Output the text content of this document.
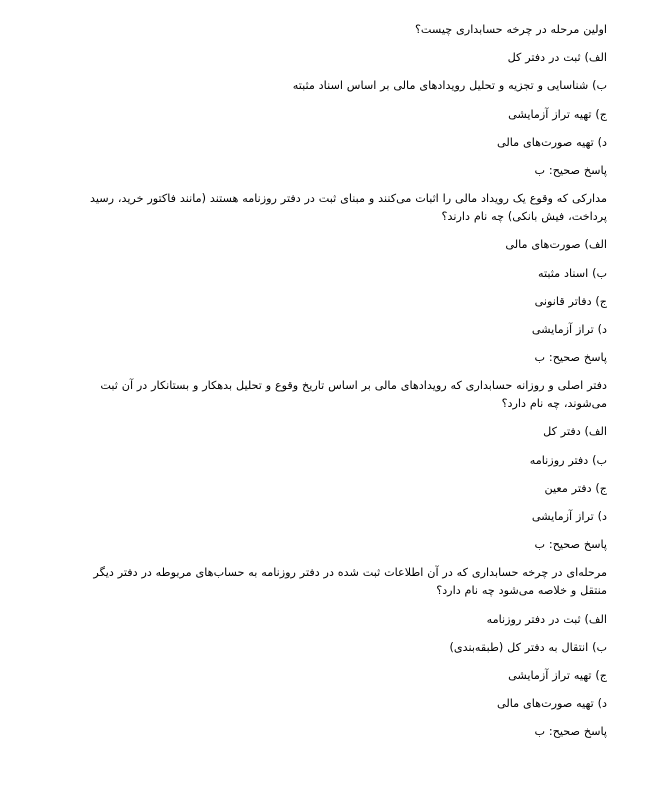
اولین مرحله در چرخه حسابداری چیست؟
الف) ثبت در دفتر کل
ب) شناسایی و تجزیه و تحلیل رویدادهای مالی بر اساس اسناد مثبته
ج) تهیه تراز آزمایشی
د) تهیه صورت‌های مالی
پاسخ صحیح: ب
مدارکی که وقوع یک رویداد مالی را اثبات می‌کنند و مبنای ثبت در دفتر روزنامه هستند (مانند فاکتور خرید، رسید پرداخت، فیش بانکی) چه نام دارند؟
الف) صورت‌های مالی
ب) اسناد مثبته
ج) دفاتر قانونی
د) تراز آزمایشی
پاسخ صحیح: ب
دفتر اصلی و روزانه حسابداری که رویدادهای مالی بر اساس تاریخ وقوع و تحلیل بدهکار و بستانکار در آن ثبت می‌شوند، چه نام دارد؟
الف) دفتر کل
ب) دفتر روزنامه
ج) دفتر معین
د) تراز آزمایشی
پاسخ صحیح: ب
مرحله‌ای در چرخه حسابداری که در آن اطلاعات ثبت شده در دفتر روزنامه به حساب‌های مربوطه در دفتر دیگر منتقل و خلاصه می‌شود چه نام دارد؟
الف) ثبت در دفتر روزنامه
ب) انتقال به دفتر کل (طبقه‌بندی)
ج) تهیه تراز آزمایشی
د) تهیه صورت‌های مالی
پاسخ صحیح: ب
